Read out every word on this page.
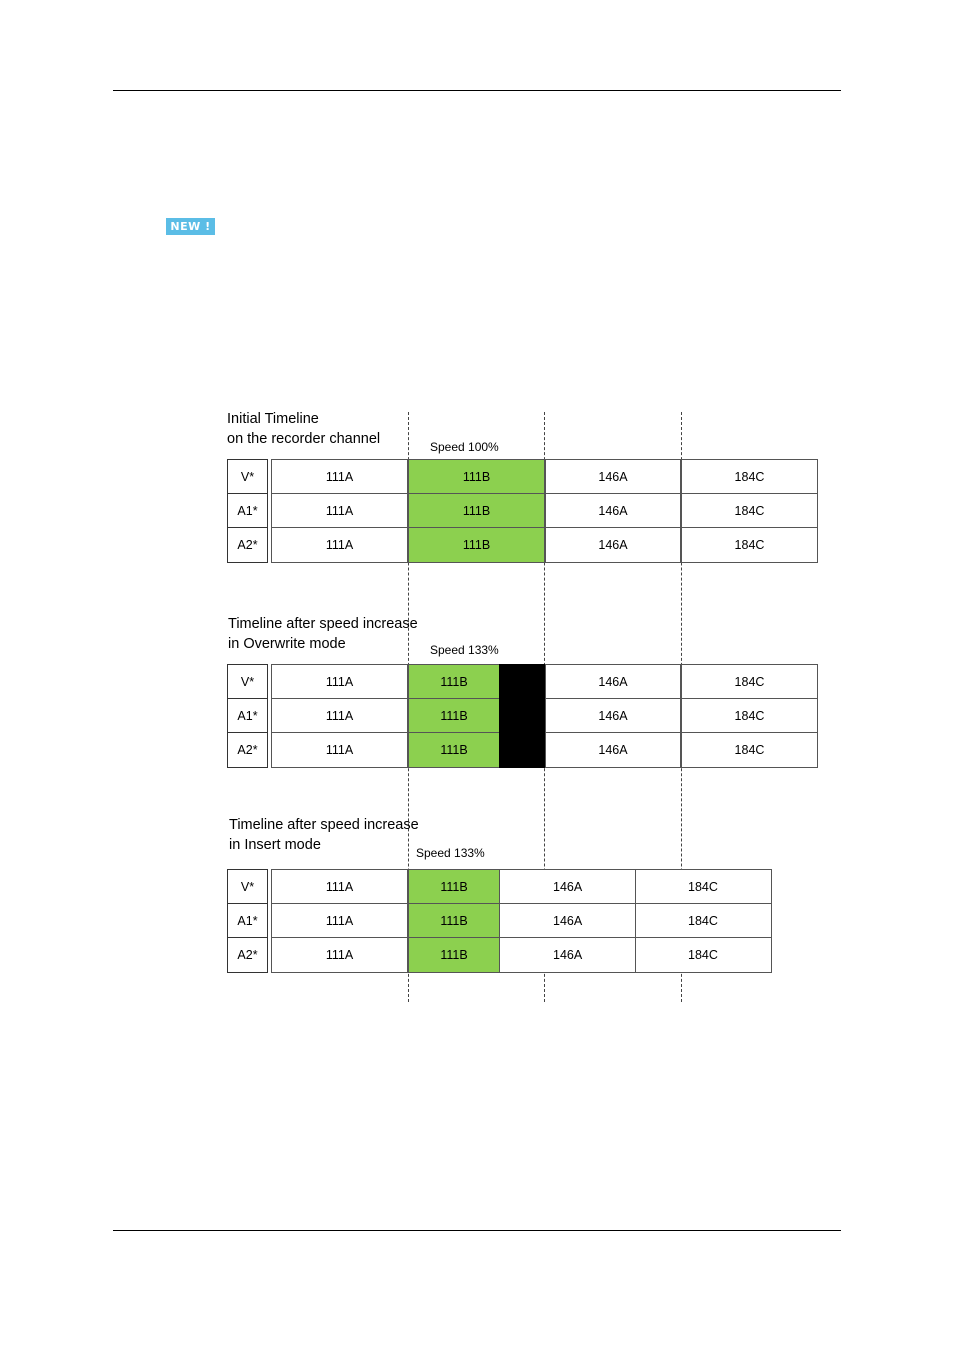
NEW !
Initial Timeline
on the recorder channel
Speed 100%
V*	111A	111B	146A	184C
A1*	111A	111B	146A	184C
A2*	111A	111B	146A	184C
Timeline after speed increase
in Overwrite mode	Speed 133%
V*	111A	111B	146A	184C
A1*	111A	111B	146A	184C
A2*	111A	111B	146A	184C
Timeline after speed increase
in Insert mode
Speed 133%
V*	111A	111B	146A	184C
A1*	111A	111B	146A	184C
A2*	111A	111B	146A	184C
